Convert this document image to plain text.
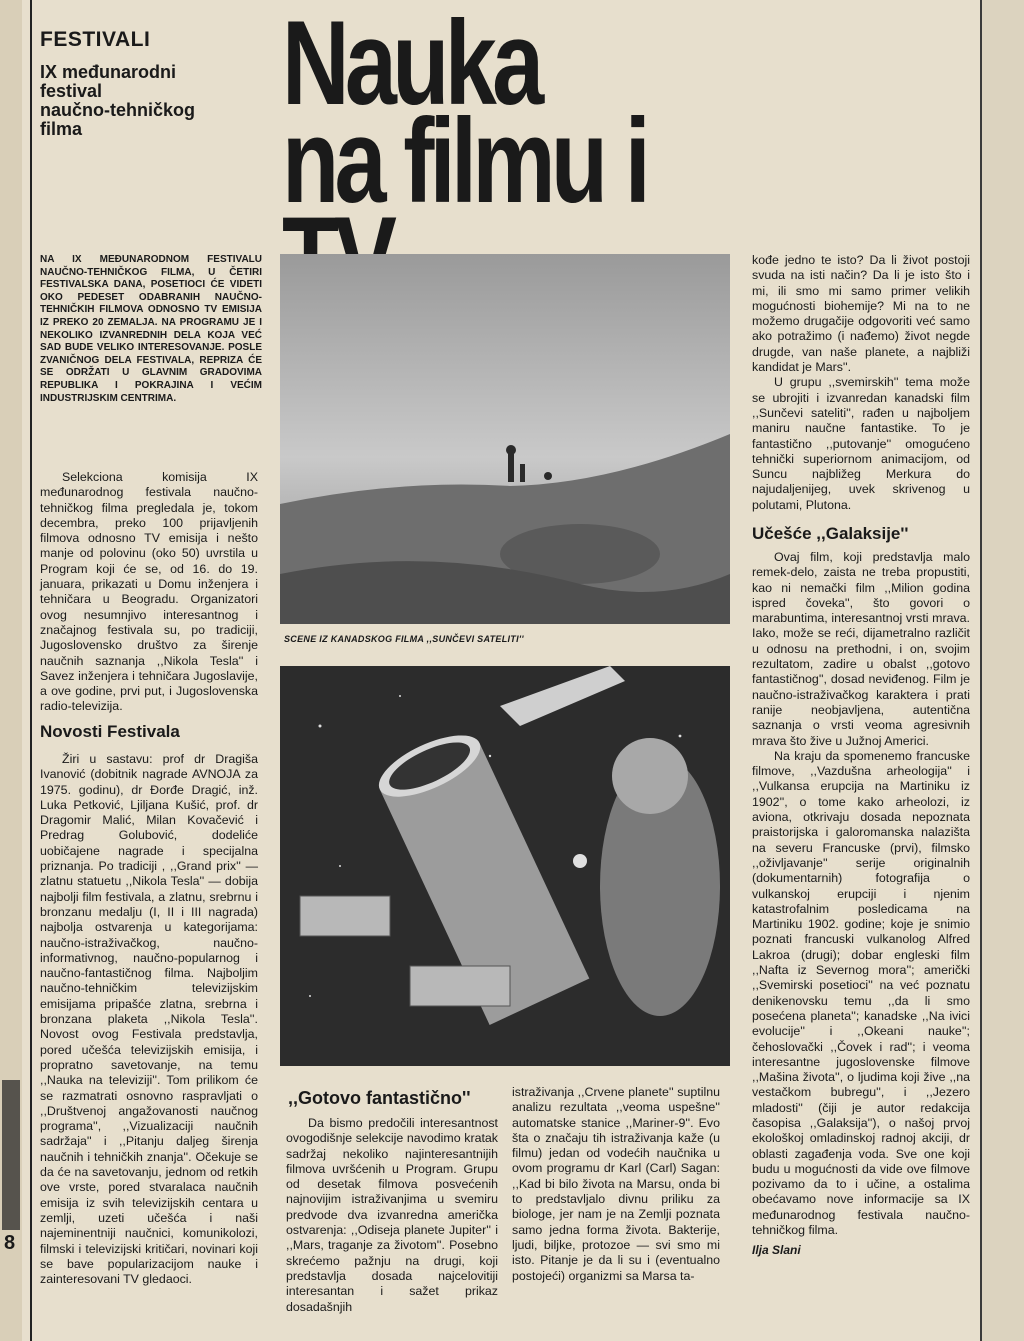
8
FESTIVALI
IX međunarodni
festival
naučno-tehničkog
filma	Nauka
na filmu i
NA IX MEĐUNARODNOM FESTIVALU NAUČNO-TEHNIČKOG FILMA, U ČETIRI FESTIVALSKA DANA, POSETIOCI ĆE VIDETI OKO PEDESET ODABRANIH NAUČNO-TEHNIČKIH FILMOVA ODNOSNO TV EMISIJA IZ PREKO 20 ZEMALJA. NA PROGRAMU JE I NEKOLIKO IZVANREDNIH DELA KOJA VEĆ SAD BUDE VELIKO INTERESOVANJE. POSLE ZVANIČNOG DELA FESTIVALA, REPRIZA ĆE SE ODRŽATI U GLAVNIM GRADOVIMA REPUBLIKA I POKRAJINA I VEĆIM INDUSTRIJSKIM CENTRIMA.

Selekciona komisija IX međunarodnog festivala naučno-tehničkog filma pregledala je, tokom decembra, preko 100 prijavljenih filmova odnosno TV emisija i nešto manje od polovinu (oko 50) uvrstila u Program koji će se, od 16. do 19. januara, prikazati u Domu inženjera i tehničara u Beogradu. Organizatori ovog nesumnjivo interesantnog i značajnog festivala su, po tradiciji, Jugoslovensko društvo za širenje naučnih saznanja ,,Nikola Tesla'' i Savez inženjera i tehničara Jugoslavije, a ove godine, prvi put, i Jugoslovenska radio-televizija.

Novosti Festivala

Žiri u sastavu: prof dr Dragiša Ivanović (dobitnik nagrade AVNOJA za 1975. godinu), dr Đorđe Dragić, inž. Luka Petković, Ljiljana Kušić, prof. dr Dragomir Malić, Milan Kovačević i Predrag Golubović, dodeliće uobičajene nagrade i specijalna priznanja. Po tradiciji , ,,Grand prix'' — zlatnu statuetu ,,Nikola Tesla'' — dobija najbolji film festivala, a zlatnu, srebrnu i bronzanu medalju (I, II i III nagrada) najbolja ostvarenja u kategorijama: naučno-istraživačkog, naučno-informativnog, naučno-popularnog i naučno-fantastičnog filma. Najboljim naučno-tehničkim televizijskim emisijama pripašće zlatna, srebrna i bronzana plaketa ,,Nikola Tesla''. Novost ovog Festivala predstavlja, pored učešća televizijskih emisija, i propratno savetovanje, na temu ,,Nauka na televiziji''. Tom prilikom će se razmatrati osnovno raspravljati o ,,Društvenoj angažovanosti naučnog programa'', ,,Vizualizaciji naučnih sadržaja'' i ,,Pitanju daljeg širenja naučnih i tehničkih znanja''. Očekuje se da će na savetovanju, jednom od retkih ove vrste, pored stvaralaca naučnih emisija iz svih televizijskih centara u zemlji, uzeti učešća i naši najeminentniji naučnici, komunikolozi, filmski i televizijski kritičari, novinari koji se bave popularizacijom nauke i zainteresovani TV gledaoci.

SCENE IZ KANADSKOG FILMA ,,SUNČEVI SATELITI''
,,Gotovo fantastično''

Da bismo predočili interesantnost ovogodišnje selekcije navodimo kratak sadržaj nekoliko najinteresantnijih filmova uvršćenih u Program. Grupu od desetak filmova posvećenih najnovijim istraživanjima u svemiru predvode dva izvanredna američka ostvarenja: ,,Odiseja planete Jupiter'' i ,,Mars, traganje za životom''. Posebno skrećemo pažnju na drugi, koji predstavlja dosada najcelovitiji interesantan i sažet prikaz dosadašnjih

istraživanja ,,Crvene planete'' suptilnu analizu rezultata ,,veoma uspešne'' automatske stanice ,,Mariner-9''. Evo šta o značaju tih istraživanja kaže (u filmu) jedan od vodećih naučnika u ovom programu dr Karl (Carl) Sagan: ,,Kad bi bilo života na Marsu, onda bi to predstavljalo divnu priliku za biologe, jer nam je na Zemlji poznata samo jedna forma života. Bakterije, ljudi, biljke, protozoe — svi smo mi isto. Pitanje je da li su i (eventualno postojeći) organizmi sa Marsa ta-

kođe jedno te isto? Da li život postoji svuda na isti način? Da li je isto što i mi, ili smo mi samo primer velikih mogućnosti biohemije? Mi na to ne možemo drugačije odgovoriti već samo ako potražimo (i nađemo) život negde drugde, van naše planete, a najbliži kandidat je Mars''.

U grupu ,,svemirskih'' tema može se ubrojiti i izvanredan kanadski film ,,Sunčevi sateliti'', rađen u najboljem maniru naučne fantastike. To je fantastično ,,putovanje'' omogućeno tehnički superiornom animacijom, od Suncu najbližeg Merkura do najudaljenijeg, uvek skrivenog u polutami, Plutona.

Učešće ,,Galaksije''

Ovaj film, koji predstavlja malo remek-delo, zaista ne treba propustiti, kao ni nemački film ,,Milion godina ispred čoveka'', što govori o marabuntima, interesantnoj vrsti mrava. Iako, može se reći, dijametralno različit u odnosu na prethodni, i on, svojim rezultatom, zadire u obalst ,,gotovo fantastičnog'', dosad neviđenog. Film je naučno-istraživačkog karaktera i prati ranije neobjavljena, autentična saznanja o vrsti veoma agresivnih mrava što žive u Južnoj Americi.

Na kraju da spomenemo francuske filmove, ,,Vazdušna arheologija'' i ,,Vulkansa erupcija na Martiniku iz 1902'', o tome kako arheolozi, iz aviona, otkrivaju dosada nepoznata praistorijska i galoromanska nalazišta na severu Francuske (prvi), filmsko ,,oživljavanje'' serije originalnih (dokumentarnih) fotografija o vulkanskoj erupciji i njenim katastrofalnim posledicama na Martiniku 1902. godine; koje je snimio poznati francuski vulkanolog Alfred Lakroa (drugi); dobar engleski film ,,Nafta iz Severnog mora''; američki ,,Svemirski posetioci'' na već poznatu denikenovsku temu ,,da li smo posećena planeta''; kanadske ,,Na ivici evolucije'' i ,,Okeani nauke''; čehoslovački ,,Čovek i rad''; i veoma interesantne jugoslovenske filmove ,,Mašina života'', o ljudima koji žive ,,na vestačkom bubregu'', i ,,Jezero mladosti'' (čiji je autor redakcija časopisa ,,Galaksija''), o našoj prvoj ekološkoj omladinskoj radnoj akciji, dr oblasti zagađenja voda. Sve one koji budu u mogućnosti da vide ove filmove pozivamo da to i učine, a ostalima obećavamo nove informacije sa IX međunarodnog festivala naučno-tehničkog filma.

Ilja Slani
